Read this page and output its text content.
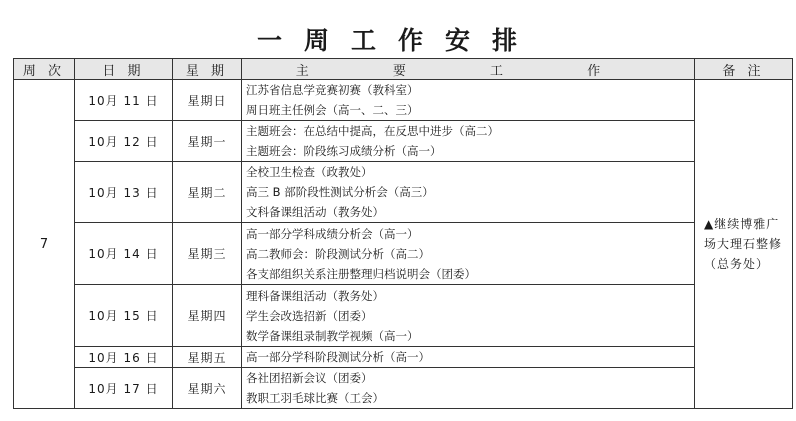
一周工作安排
周 次	日 期	星 期	主 要 工 作	备 注
7	10月 11 日	星期日	江苏省信息学竞赛初赛（教科室）
周日班主任例会（高一、二、三）	▲继续博雅广场大理石整修（总务处）
	10月 12 日	星期一	主题班会：在总结中提高，在反思中进步（高二）
主题班会：阶段练习成绩分析（高一）	

	10月 13 日	星期二	全校卫生检查（政教处）
高三 B 部阶段性测试分析会（高三）
文科备课组活动（教务处）	

	10月 14 日	星期三	高一部分学科成绩分析会（高一）
高二教师会：阶段测试分析（高二）
各支部组织关系注册整理归档说明会（团委）	

	10月 15 日	星期四	理科备课组活动（教务处）
学生会改选招新（团委）
数学备课组录制教学视频（高一）	

	10月 16 日	星期五	高一部分学科阶段测试分析（高一）	

	10月 17 日	星期六	各社团招新会议（团委）
教职工羽毛球比赛（工会）	
